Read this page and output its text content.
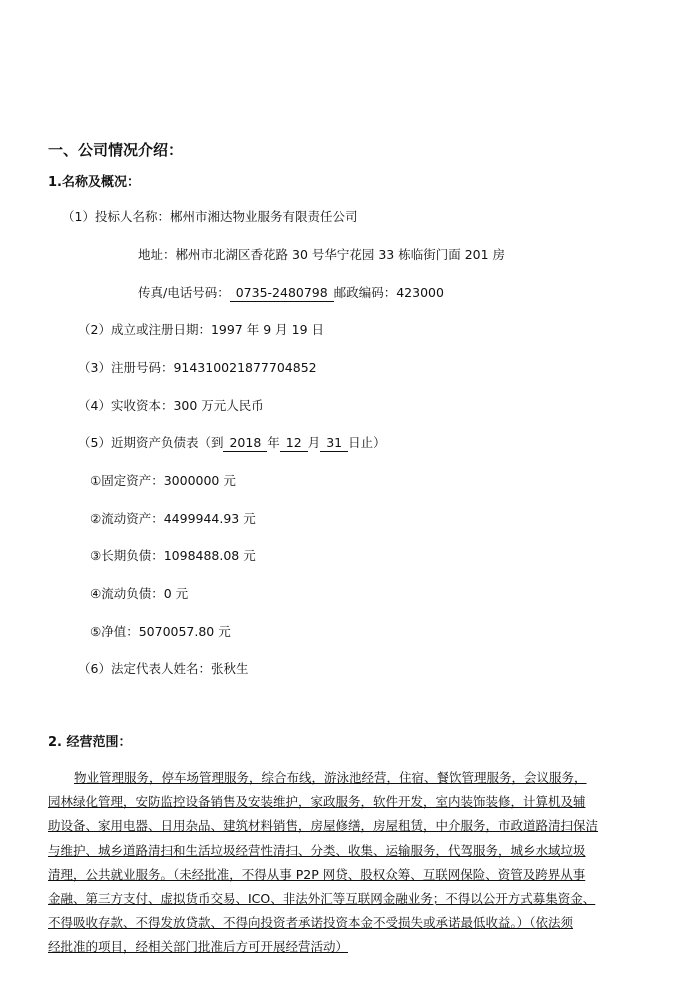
一、公司情况介绍：
1.名称及概况：
（1）投标人名称：郴州市湘达物业服务有限责任公司
地址：郴州市北湖区香花路 30 号华宁花园 33 栋临街门面 201 房
传真/电话号码： 0735-2480798 邮政编码：423000
（2）成立或注册日期：1997 年 9 月 19 日
（3）注册号码：91431002187770485​2
（4）实收资本：300 万元人民币
（5）近期资产负债表（到 2018 年 12 月 31 日止）
①固定资产：3000000 元
②流动资产：4499944.93 元
③长期负债：1098488.08 元
④流动负债：0 元
⑤净值：5070057.80 元
（6）法定代表人姓名：张秋生
2. 经营范围：
物业管理服务，停车场管理服务，综合布线，游泳池经营，住宿、餐饮管理服务，会议服务，
园林绿化管理，安防监控设备销售及安装维护，家政服务，软件开发，室内装饰装修，计算机及辅
助设备、家用电器、日用杂品、建筑材料销售，房屋修缮，房屋租赁，中介服务，市政道路清扫保洁
与维护、城乡道路清扫和生活垃圾经营性清扫、分类、收集、运输服务，代驾服务，城乡水域垃圾
清理，公共就业服务。（未经批准，不得从事 P2P 网贷、股权众筹、互联网保险、资管及跨界从事
金融、第三方支付、虚拟货币交易、ICO、非法外汇等互联网金融业务；不得以公开方式募集资金、
不得吸收存款、不得发放贷款、不得向投资者承诺投资本金不受损失或承诺最低收益。）（依法须
经批准的项目，经相关部门批准后方可开展经营活动）
